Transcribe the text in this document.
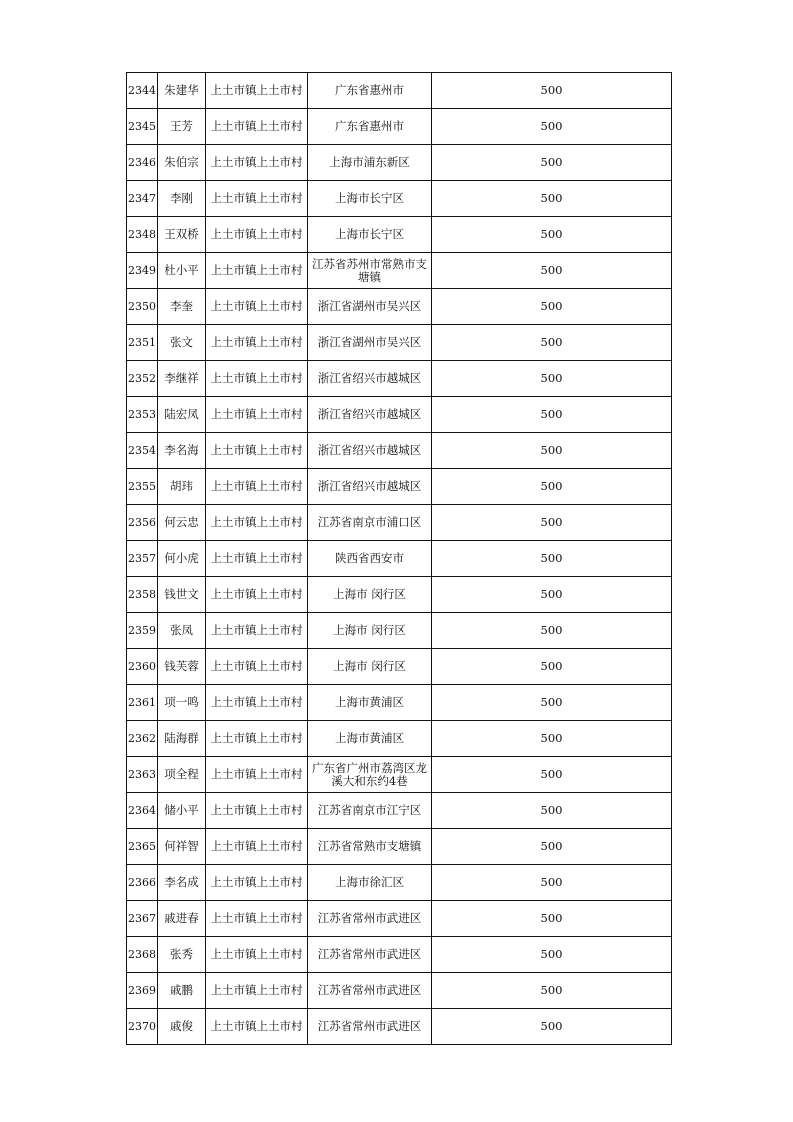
2344	朱建华	上土市镇上土市村	广东省惠州市	500
2345	王芳	上土市镇上土市村	广东省惠州市	500
2346	朱伯宗	上土市镇上土市村	上海市浦东新区	500
2347	李刚	上土市镇上土市村	上海市长宁区	500
2348	王双桥	上土市镇上土市村	上海市长宁区	500
2349	杜小平	上土市镇上土市村	江苏省苏州市常熟市支塘镇	500
2350	李奎	上土市镇上土市村	浙江省湖州市吴兴区	500
2351	张文	上土市镇上土市村	浙江省湖州市吴兴区	500
2352	李继祥	上土市镇上土市村	浙江省绍兴市越城区	500
2353	陆宏凤	上土市镇上土市村	浙江省绍兴市越城区	500
2354	李名海	上土市镇上土市村	浙江省绍兴市越城区	500
2355	胡玮	上土市镇上土市村	浙江省绍兴市越城区	500
2356	何云忠	上土市镇上土市村	江苏省南京市浦口区	500
2357	何小虎	上土市镇上土市村	陕西省西安市	500
2358	钱世文	上土市镇上土市村	上海市 闵行区	500
2359	张凤	上土市镇上土市村	上海市 闵行区	500
2360	钱芙蓉	上土市镇上土市村	上海市 闵行区	500
2361	项一鸣	上土市镇上土市村	上海市黄浦区	500
2362	陆海群	上土市镇上土市村	上海市黄浦区	500
2363	项全程	上土市镇上土市村	广东省广州市荔湾区龙溪大和东约4巷	500
2364	储小平	上土市镇上土市村	江苏省南京市江宁区	500
2365	何祥智	上土市镇上土市村	江苏省常熟市支塘镇	500
2366	李名成	上土市镇上土市村	上海市徐汇区	500
2367	戚进春	上土市镇上土市村	江苏省常州市武进区	500
2368	张秀	上土市镇上土市村	江苏省常州市武进区	500
2369	戚鹏	上土市镇上土市村	江苏省常州市武进区	500
2370	戚俊	上土市镇上土市村	江苏省常州市武进区	500
